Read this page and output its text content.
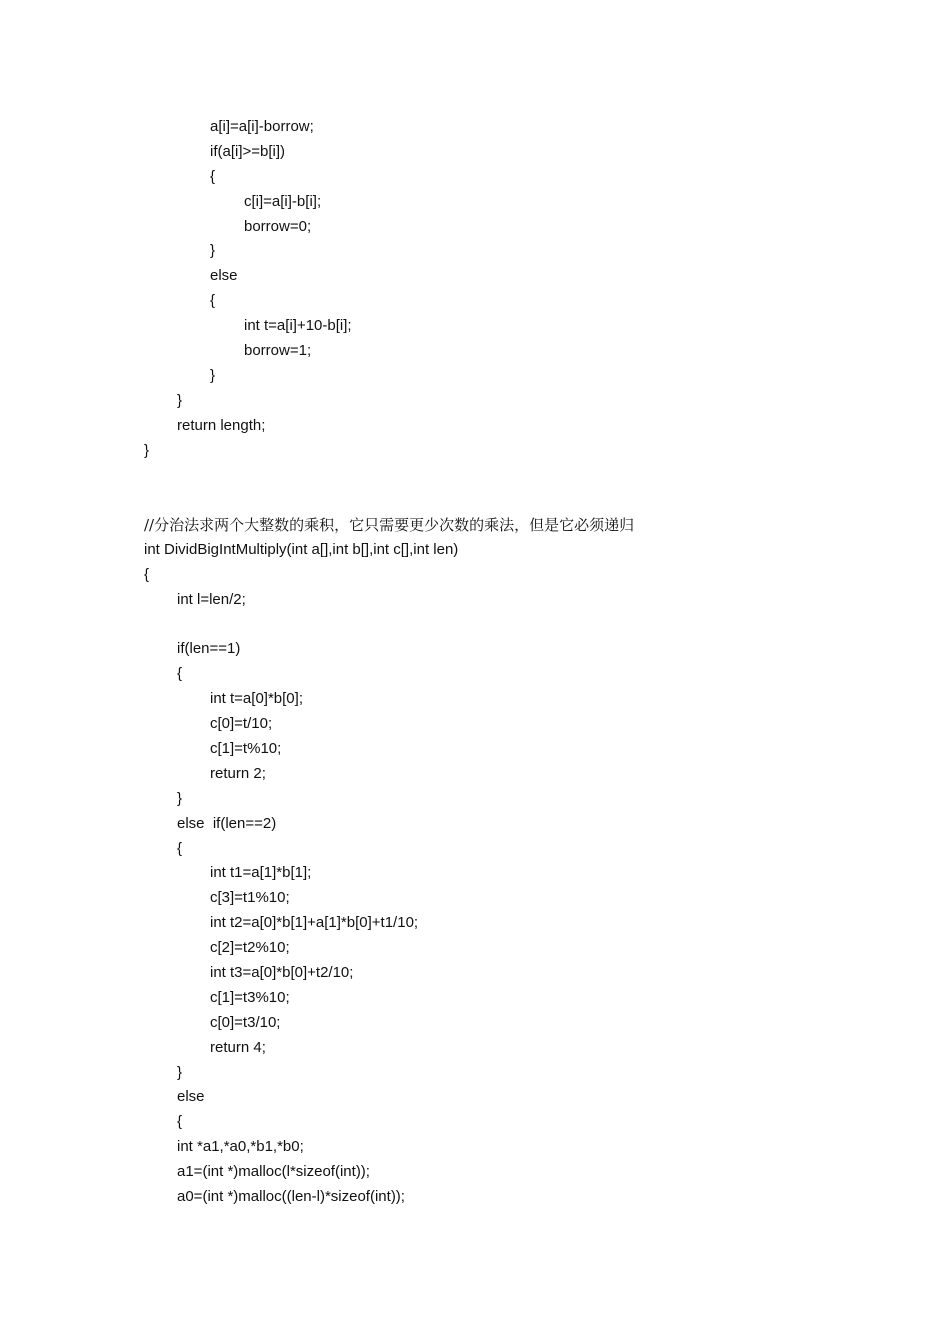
a[i]=a[i]-borrow;
if(a[i]>=b[i])
{
c[i]=a[i]-b[i];
borrow=0;
}
else
{
int t=a[i]+10-b[i];
borrow=1;
}
}
return length;
}
//分治法求两个大整数的乘积，它只需要更少次数的乘法，但是它必须递归
int DividBigIntMultiply(int a[],int b[],int c[],int len)
{
int l=len/2;
if(len==1)
{
int t=a[0]*b[0];
c[0]=t/10;
c[1]=t%10;
return 2;
}
else  if(len==2)
{
int t1=a[1]*b[1];
c[3]=t1%10;
int t2=a[0]*b[1]+a[1]*b[0]+t1/10;
c[2]=t2%10;
int t3=a[0]*b[0]+t2/10;
c[1]=t3%10;
c[0]=t3/10;
return 4;
}
else
{
int *a1,*a0,*b1,*b0;
a1=(int *)malloc(l*sizeof(int));
a0=(int *)malloc((len-l)*sizeof(int));
